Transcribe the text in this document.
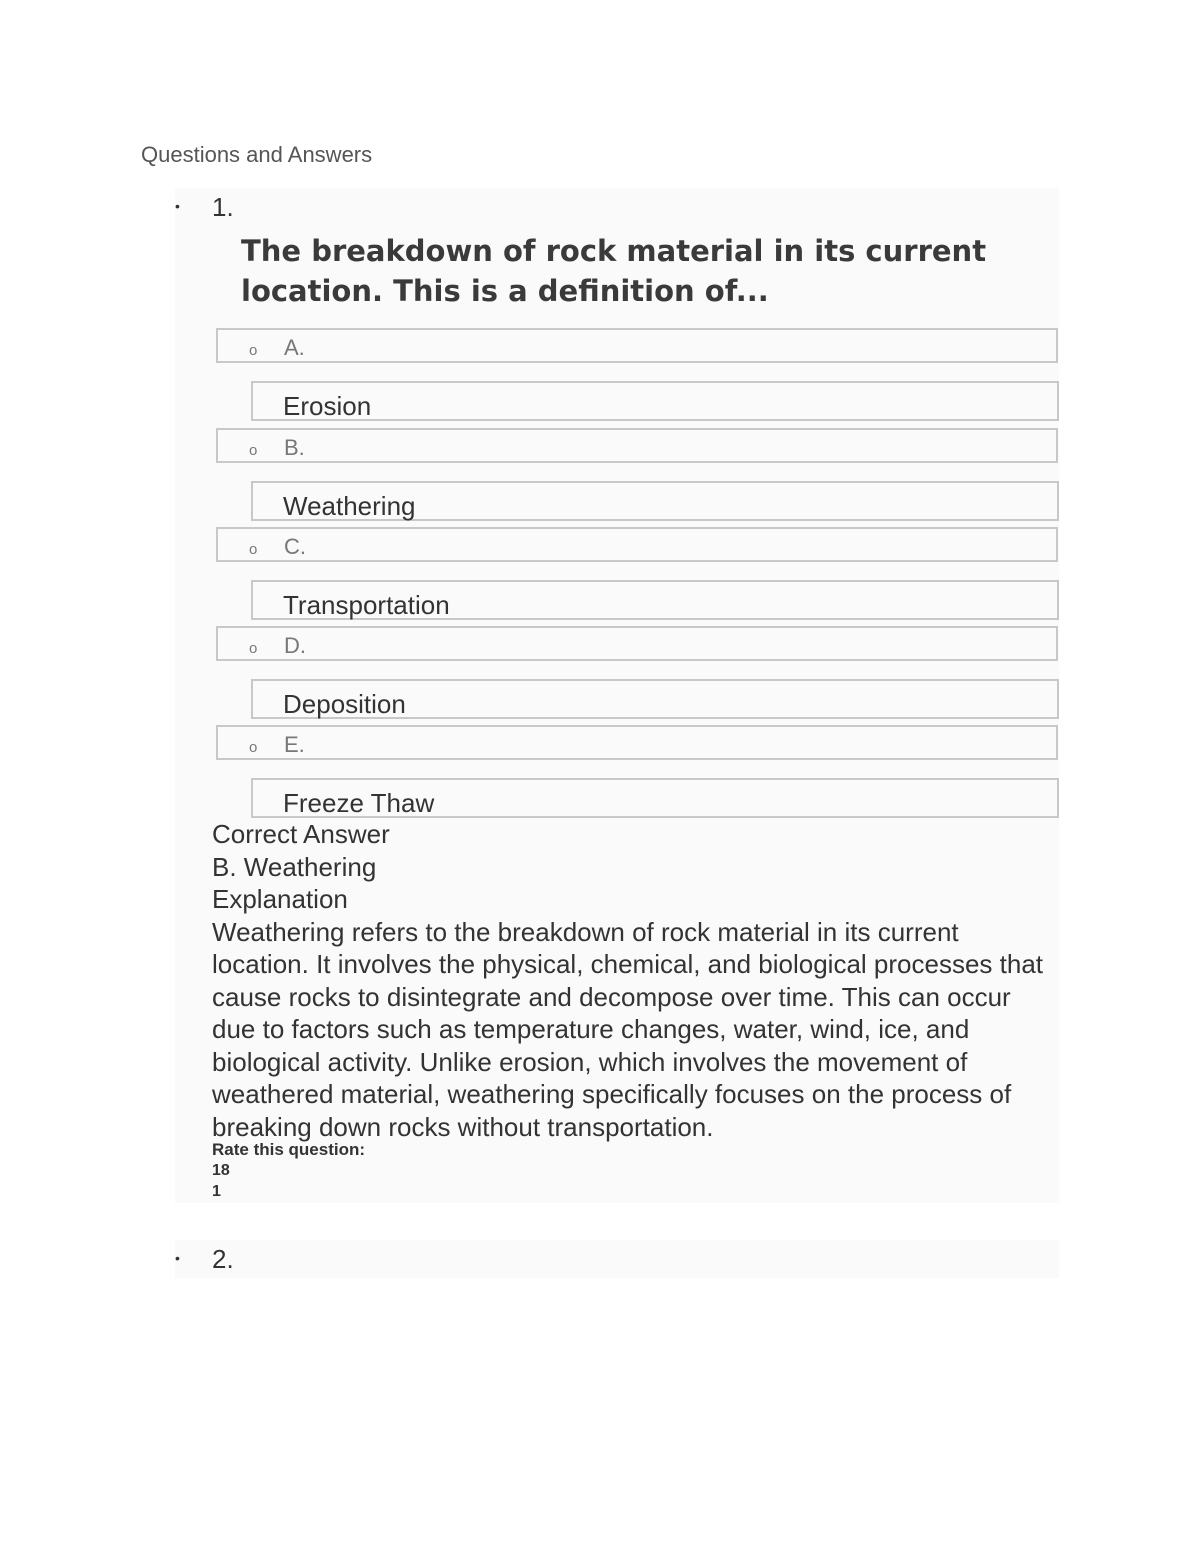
Questions and Answers
• 1.
The breakdown of rock material in its current location. This is a definition of...
o A.
Erosion
o B.
Weathering
o C.
Transportation
o D.
Deposition
o E.
Freeze Thaw
Correct Answer
B. Weathering
Explanation
Weathering refers to the breakdown of rock material in its current location. It involves the physical, chemical, and biological processes that cause rocks to disintegrate and decompose over time. This can occur due to factors such as temperature changes, water, wind, ice, and biological activity. Unlike erosion, which involves the movement of weathered material, weathering specifically focuses on the process of breaking down rocks without transportation.
Rate this question:
18
1
• 2.
